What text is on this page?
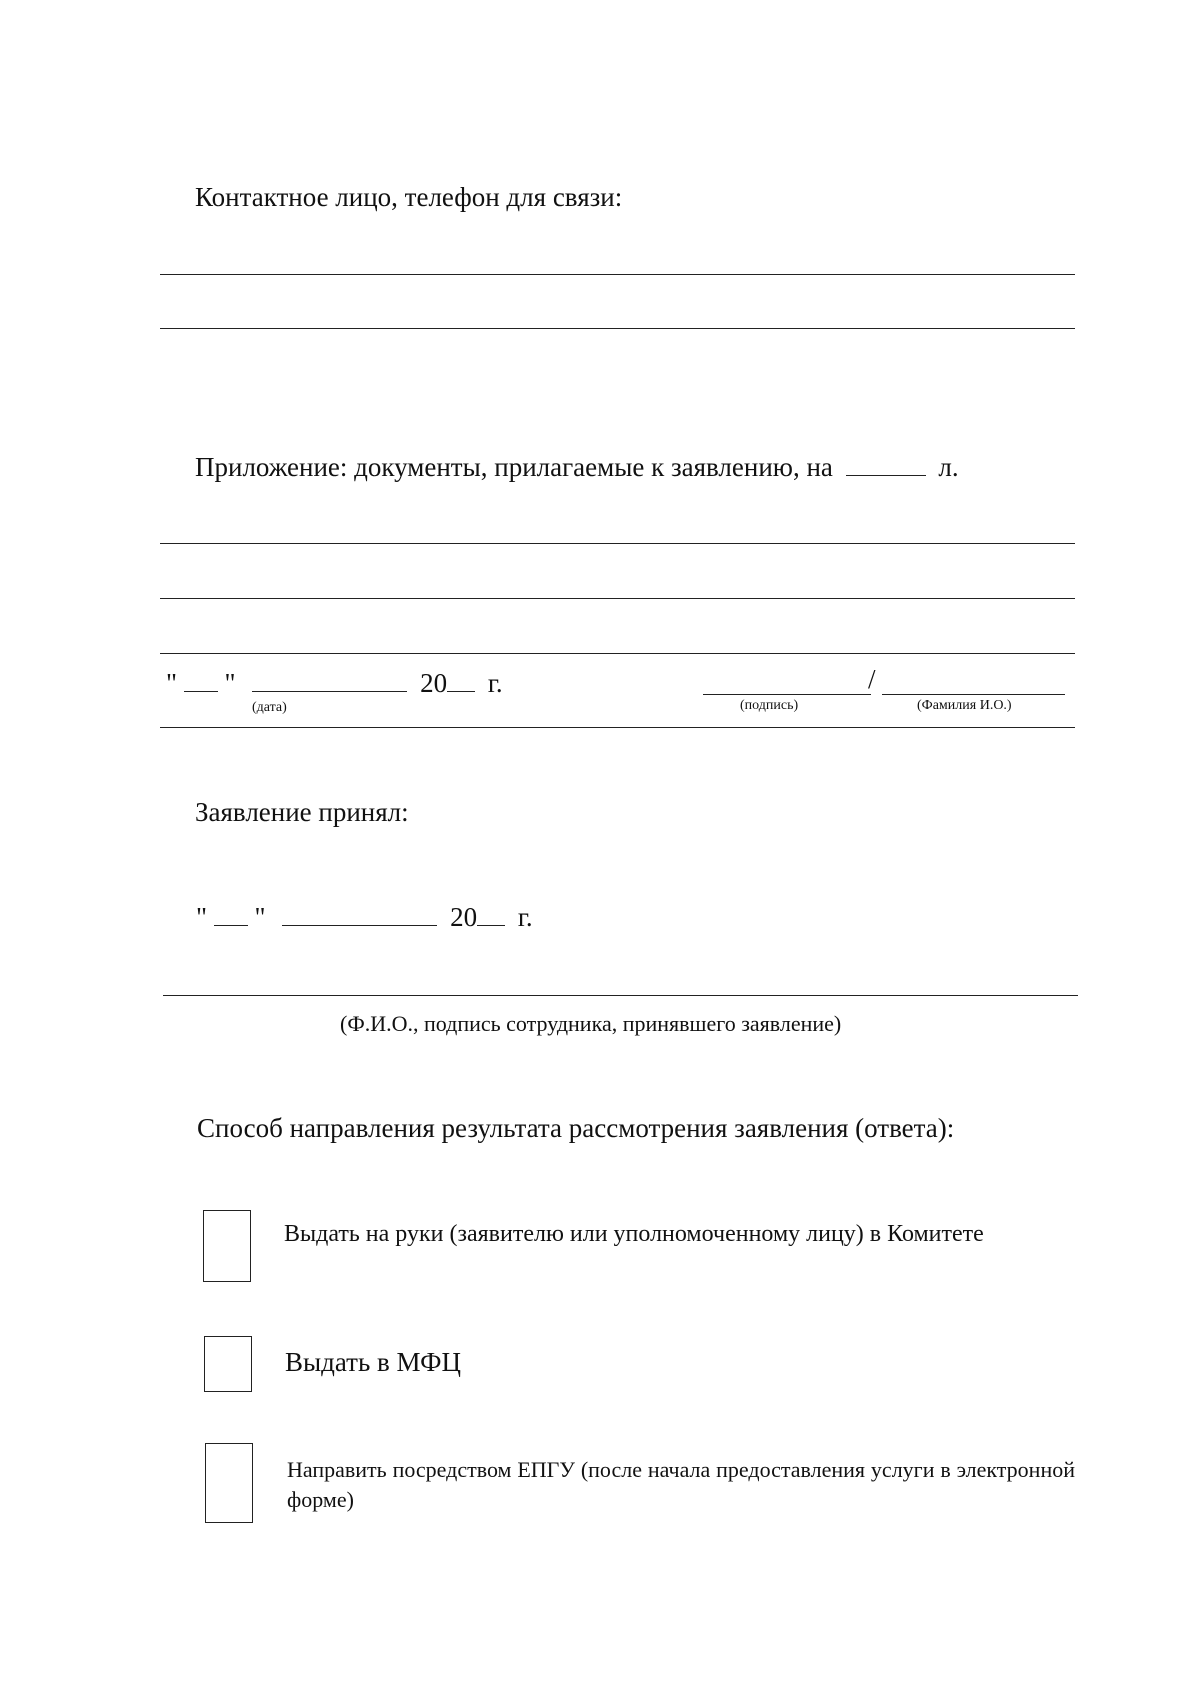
Контактное лицо, телефон для связи:
Приложение: документы, прилагаемые к заявлению, на	л.
" "	20 г.
(дата)
/
(подпись)	(Фамилия И.О.)
Заявление принял:
" "	20 г.
(Ф.И.О., подпись сотрудника, принявшего заявление)
Способ направления результата рассмотрения заявления (ответа):
Выдать на руки (заявителю или уполномоченному лицу) в Комитете
Выдать в МФЦ
Направить посредством ЕПГУ (после начала предоставления услуги в электронной форме)
